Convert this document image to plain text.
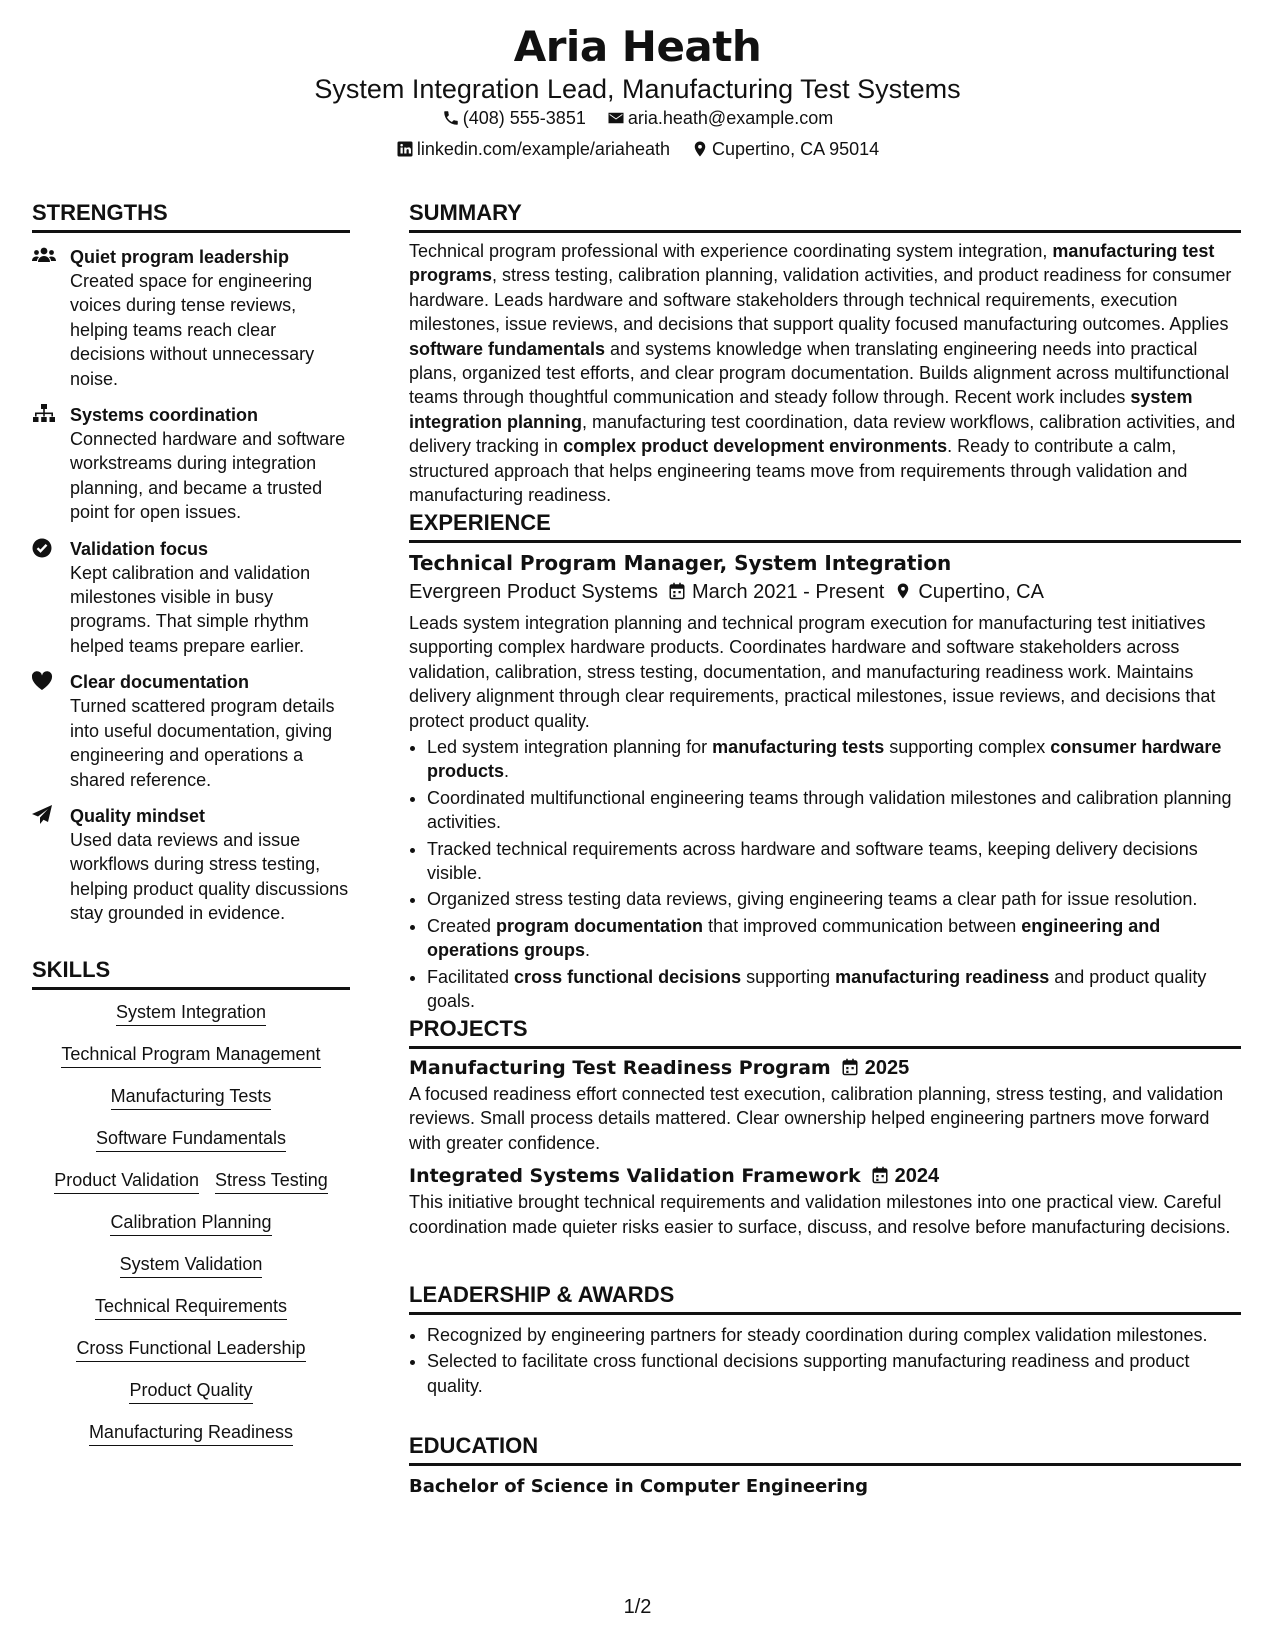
Aria Heath
System Integration Lead, Manufacturing Test Systems
(408) 555-3851 aria.heath@example.com
linkedin.com/example/ariaheath Cupertino, CA 95014
STRENGTHS
Quiet program leadership
Created space for engineering voices during tense reviews, helping teams reach clear decisions without unnecessary noise.
Systems coordination
Connected hardware and software workstreams during integration planning, and became a trusted point for open issues.
Validation focus
Kept calibration and validation milestones visible in busy programs. That simple rhythm helped teams prepare earlier.
Clear documentation
Turned scattered program details into useful documentation, giving engineering and operations a shared reference.
Quality mindset
Used data reviews and issue workflows during stress testing, helping product quality discussions stay grounded in evidence.
SKILLS
System Integration
Technical Program Management
Manufacturing Tests
Software Fundamentals
Product Validation Stress Testing
Calibration Planning
System Validation
Technical Requirements
Cross Functional Leadership
Product Quality
Manufacturing Readiness
SUMMARY

Technical program professional with experience coordinating system integration, manufacturing test programs, stress testing, calibration planning, validation activities, and product readiness for consumer hardware. Leads hardware and software stakeholders through technical requirements, execution milestones, issue reviews, and decisions that support quality focused manufacturing outcomes. Applies software fundamentals and systems knowledge when translating engineering needs into practical plans, organized test efforts, and clear program documentation. Builds alignment across multifunctional teams through thoughtful communication and steady follow through. Recent work includes system integration planning, manufacturing test coordination, data review workflows, calibration activities, and delivery tracking in complex product development environments. Ready to contribute a calm, structured approach that helps engineering teams move from requirements through validation and manufacturing readiness.

EXPERIENCE
Technical Program Manager, System Integration
Evergreen Product Systems March 2021 - Present Cupertino, CA

Leads system integration planning and technical program execution for manufacturing test initiatives supporting complex hardware products. Coordinates hardware and software stakeholders across validation, calibration, stress testing, documentation, and manufacturing readiness work. Maintains delivery alignment through clear requirements, practical milestones, issue reviews, and decisions that protect product quality.

• Led system integration planning for manufacturing tests supporting complex consumer hardware products.
• Coordinated multifunctional engineering teams through validation milestones and calibration planning activities.
• Tracked technical requirements across hardware and software teams, keeping delivery decisions visible.
• Organized stress testing data reviews, giving engineering teams a clear path for issue resolution.
• Created program documentation that improved communication between engineering and operations groups.
• Facilitated cross functional decisions supporting manufacturing readiness and product quality goals.
PROJECTS
Manufacturing Test Readiness Program 2025

A focused readiness effort connected test execution, calibration planning, stress testing, and validation reviews. Small process details mattered. Clear ownership helped engineering partners move forward with greater confidence.

Integrated Systems Validation Framework 2024

This initiative brought technical requirements and validation milestones into one practical view. Careful coordination made quieter risks easier to surface, discuss, and resolve before manufacturing decisions.

LEADERSHIP & AWARDS
• Recognized by engineering partners for steady coordination during complex validation milestones.
• Selected to facilitate cross functional decisions supporting manufacturing readiness and product quality.
EDUCATION
Bachelor of Science in Computer Engineering
1/2
